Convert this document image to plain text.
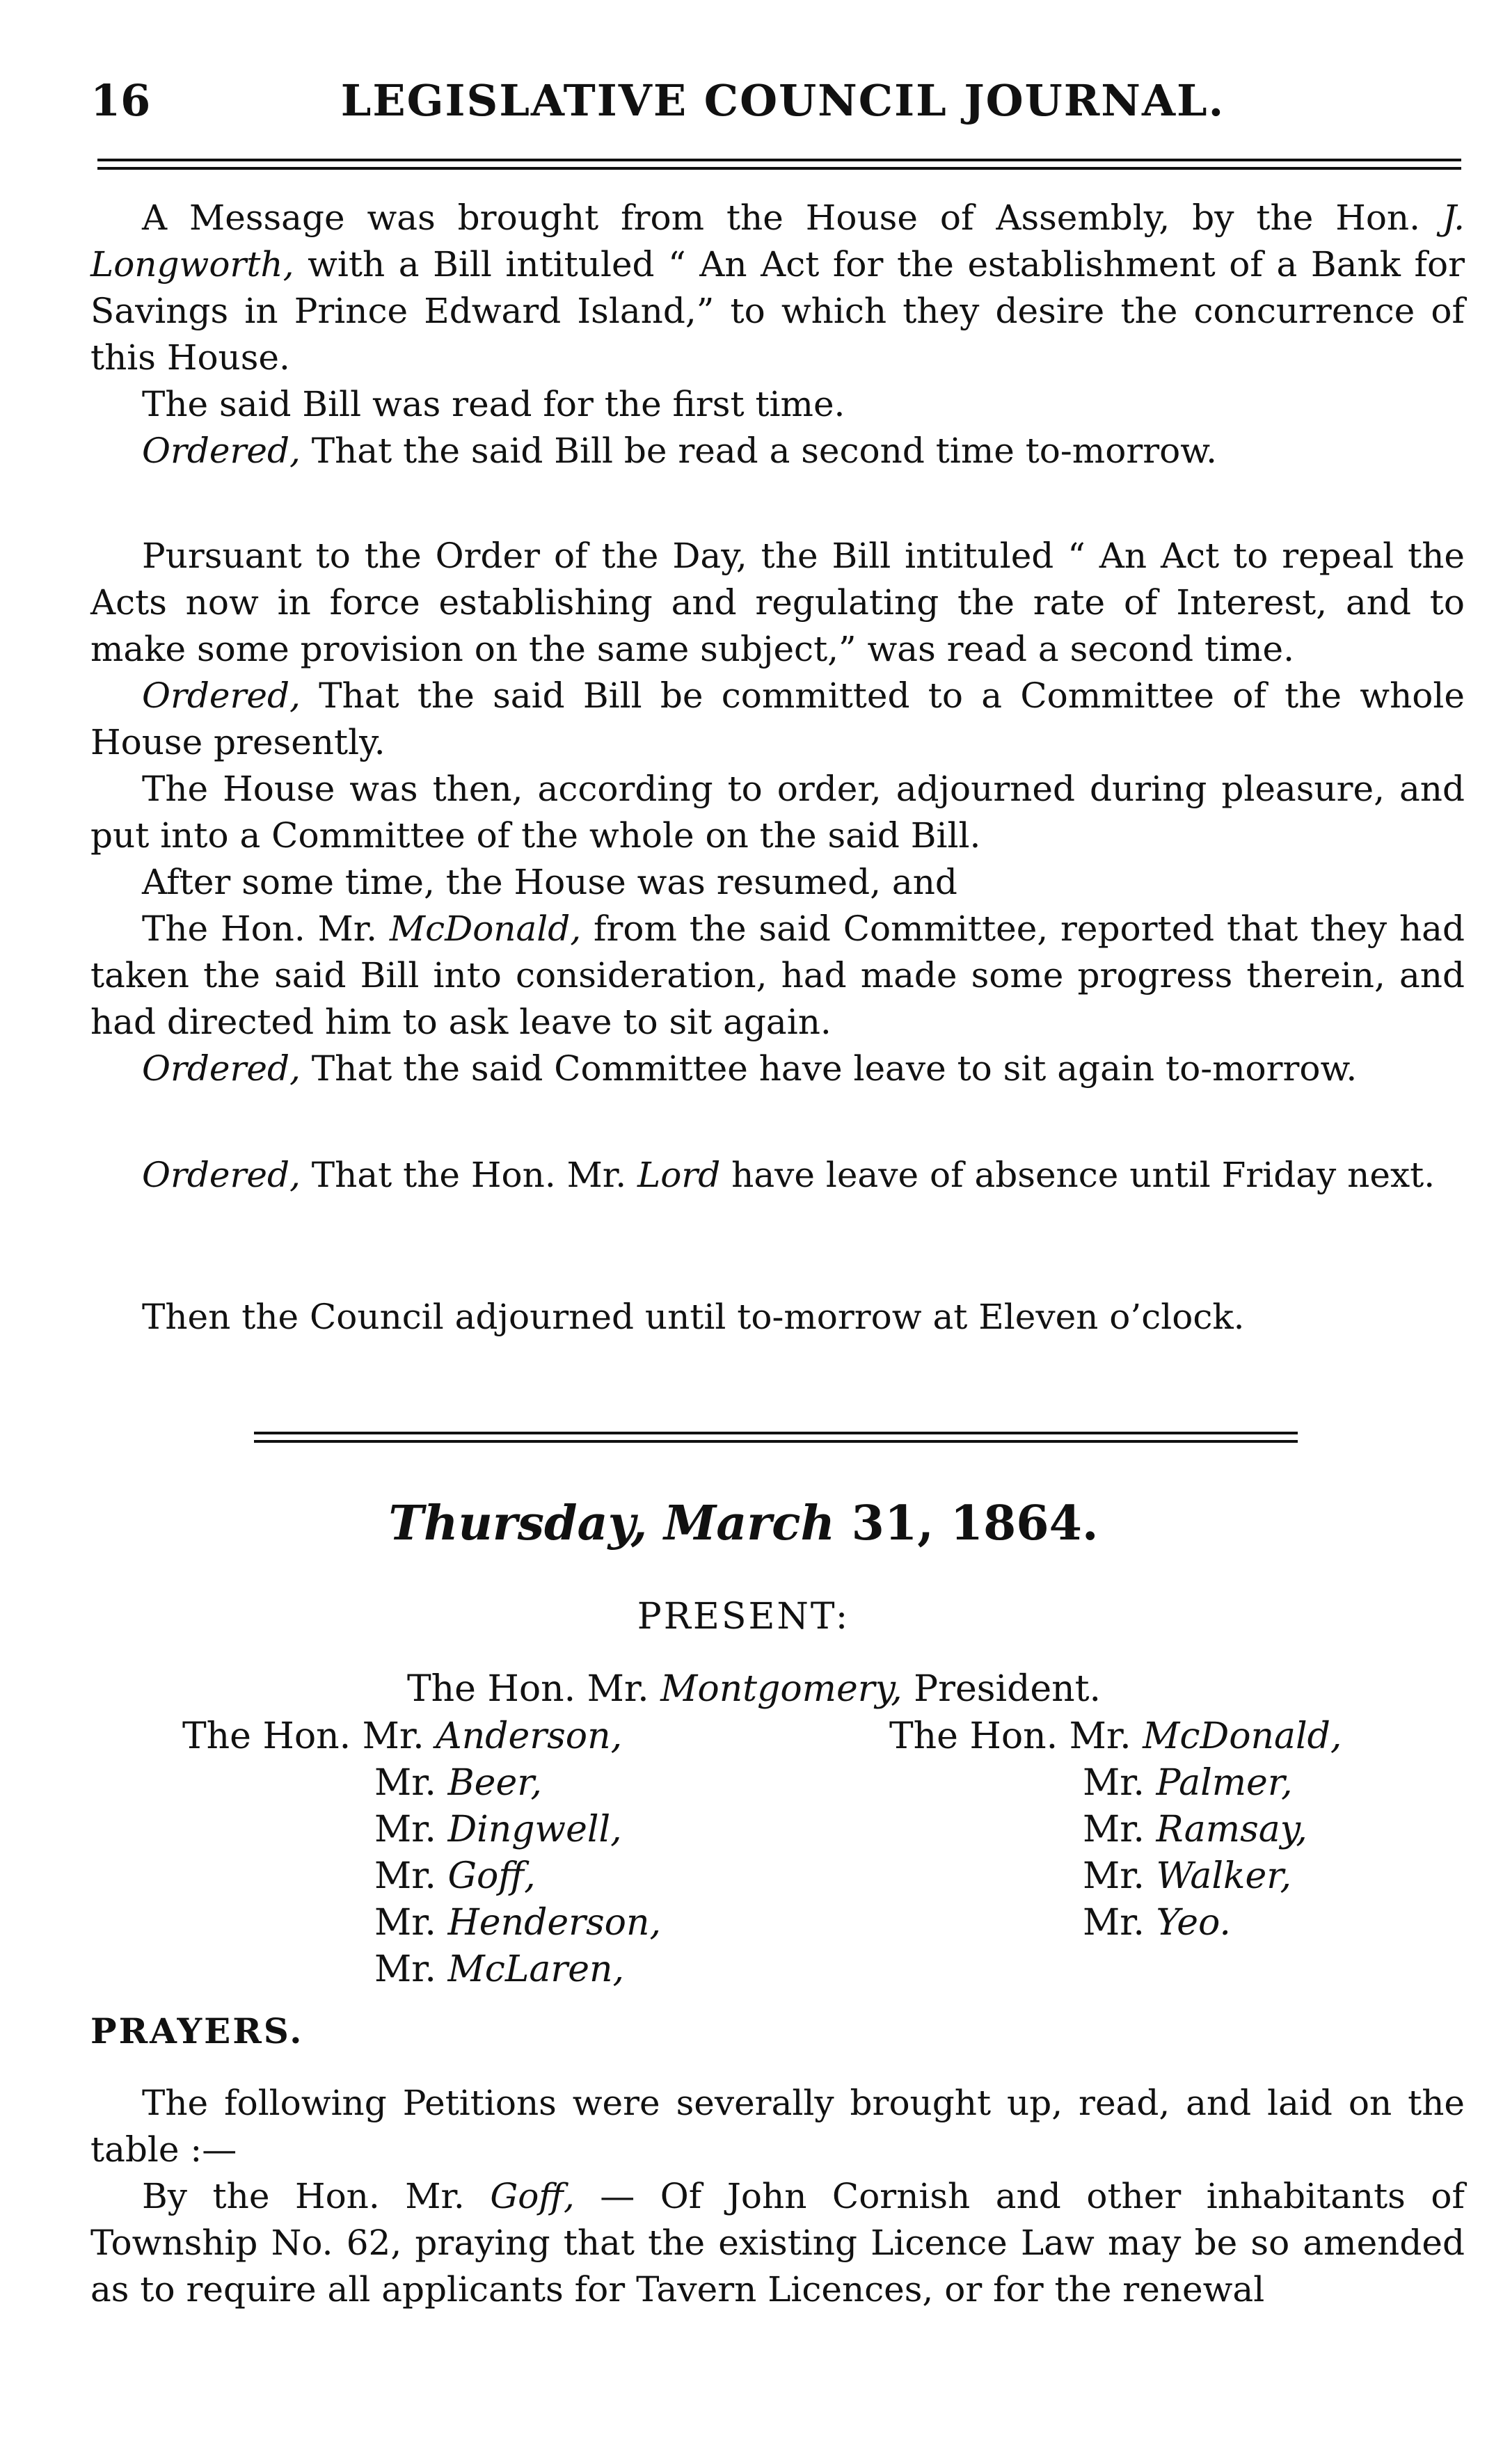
16	LEGISLATIVE COUNCIL JOURNAL.

A Message was brought from the House of Assembly, by the Hon. J. Longworth, with a Bill intituled “ An Act for the establishment of a Bank for Savings in Prince Edward Island,” to which they desire the concurrence of this House.

The said Bill was read for the first time.

Ordered, That the said Bill be read a second time to-morrow.

Pursuant to the Order of the Day, the Bill intituled “ An Act to repeal the Acts now in force establishing and regulating the rate of Interest, and to make some provision on the same subject,” was read a second time.

Ordered, That the said Bill be committed to a Committee of the whole House presently.

The House was then, according to order, adjourned during pleasure, and put into a Committee of the whole on the said Bill.

After some time, the House was resumed, and

The Hon. Mr. McDonald, from the said Committee, reported that they had taken the said Bill into consideration, had made some progress therein, and had directed him to ask leave to sit again.

Ordered, That the said Committee have leave to sit again to-morrow.

Ordered, That the Hon. Mr. Lord have leave of absence until Friday next.

Then the Council adjourned until to-morrow at Eleven o’clock.

Thursday, March 31, 1864.
PRESENT:
The Hon. Mr. Montgomery, President.
The Hon. Mr. Anderson,
Mr. Beer,
Mr. Dingwell,
Mr. Goff,
Mr. Henderson,
Mr. McLaren,
The Hon. Mr. McDonald,
Mr. Palmer,
Mr. Ramsay,
Mr. Walker,
Mr. Yeo.
PRAYERS.

The following Petitions were severally brought up, read, and laid on the table :—

By the Hon. Mr. Goff, — Of John Cornish and other inhabitants of Township No. 62, praying that the existing Licence Law may be so amended as to require all applicants for Tavern Licences, or for the renewal
